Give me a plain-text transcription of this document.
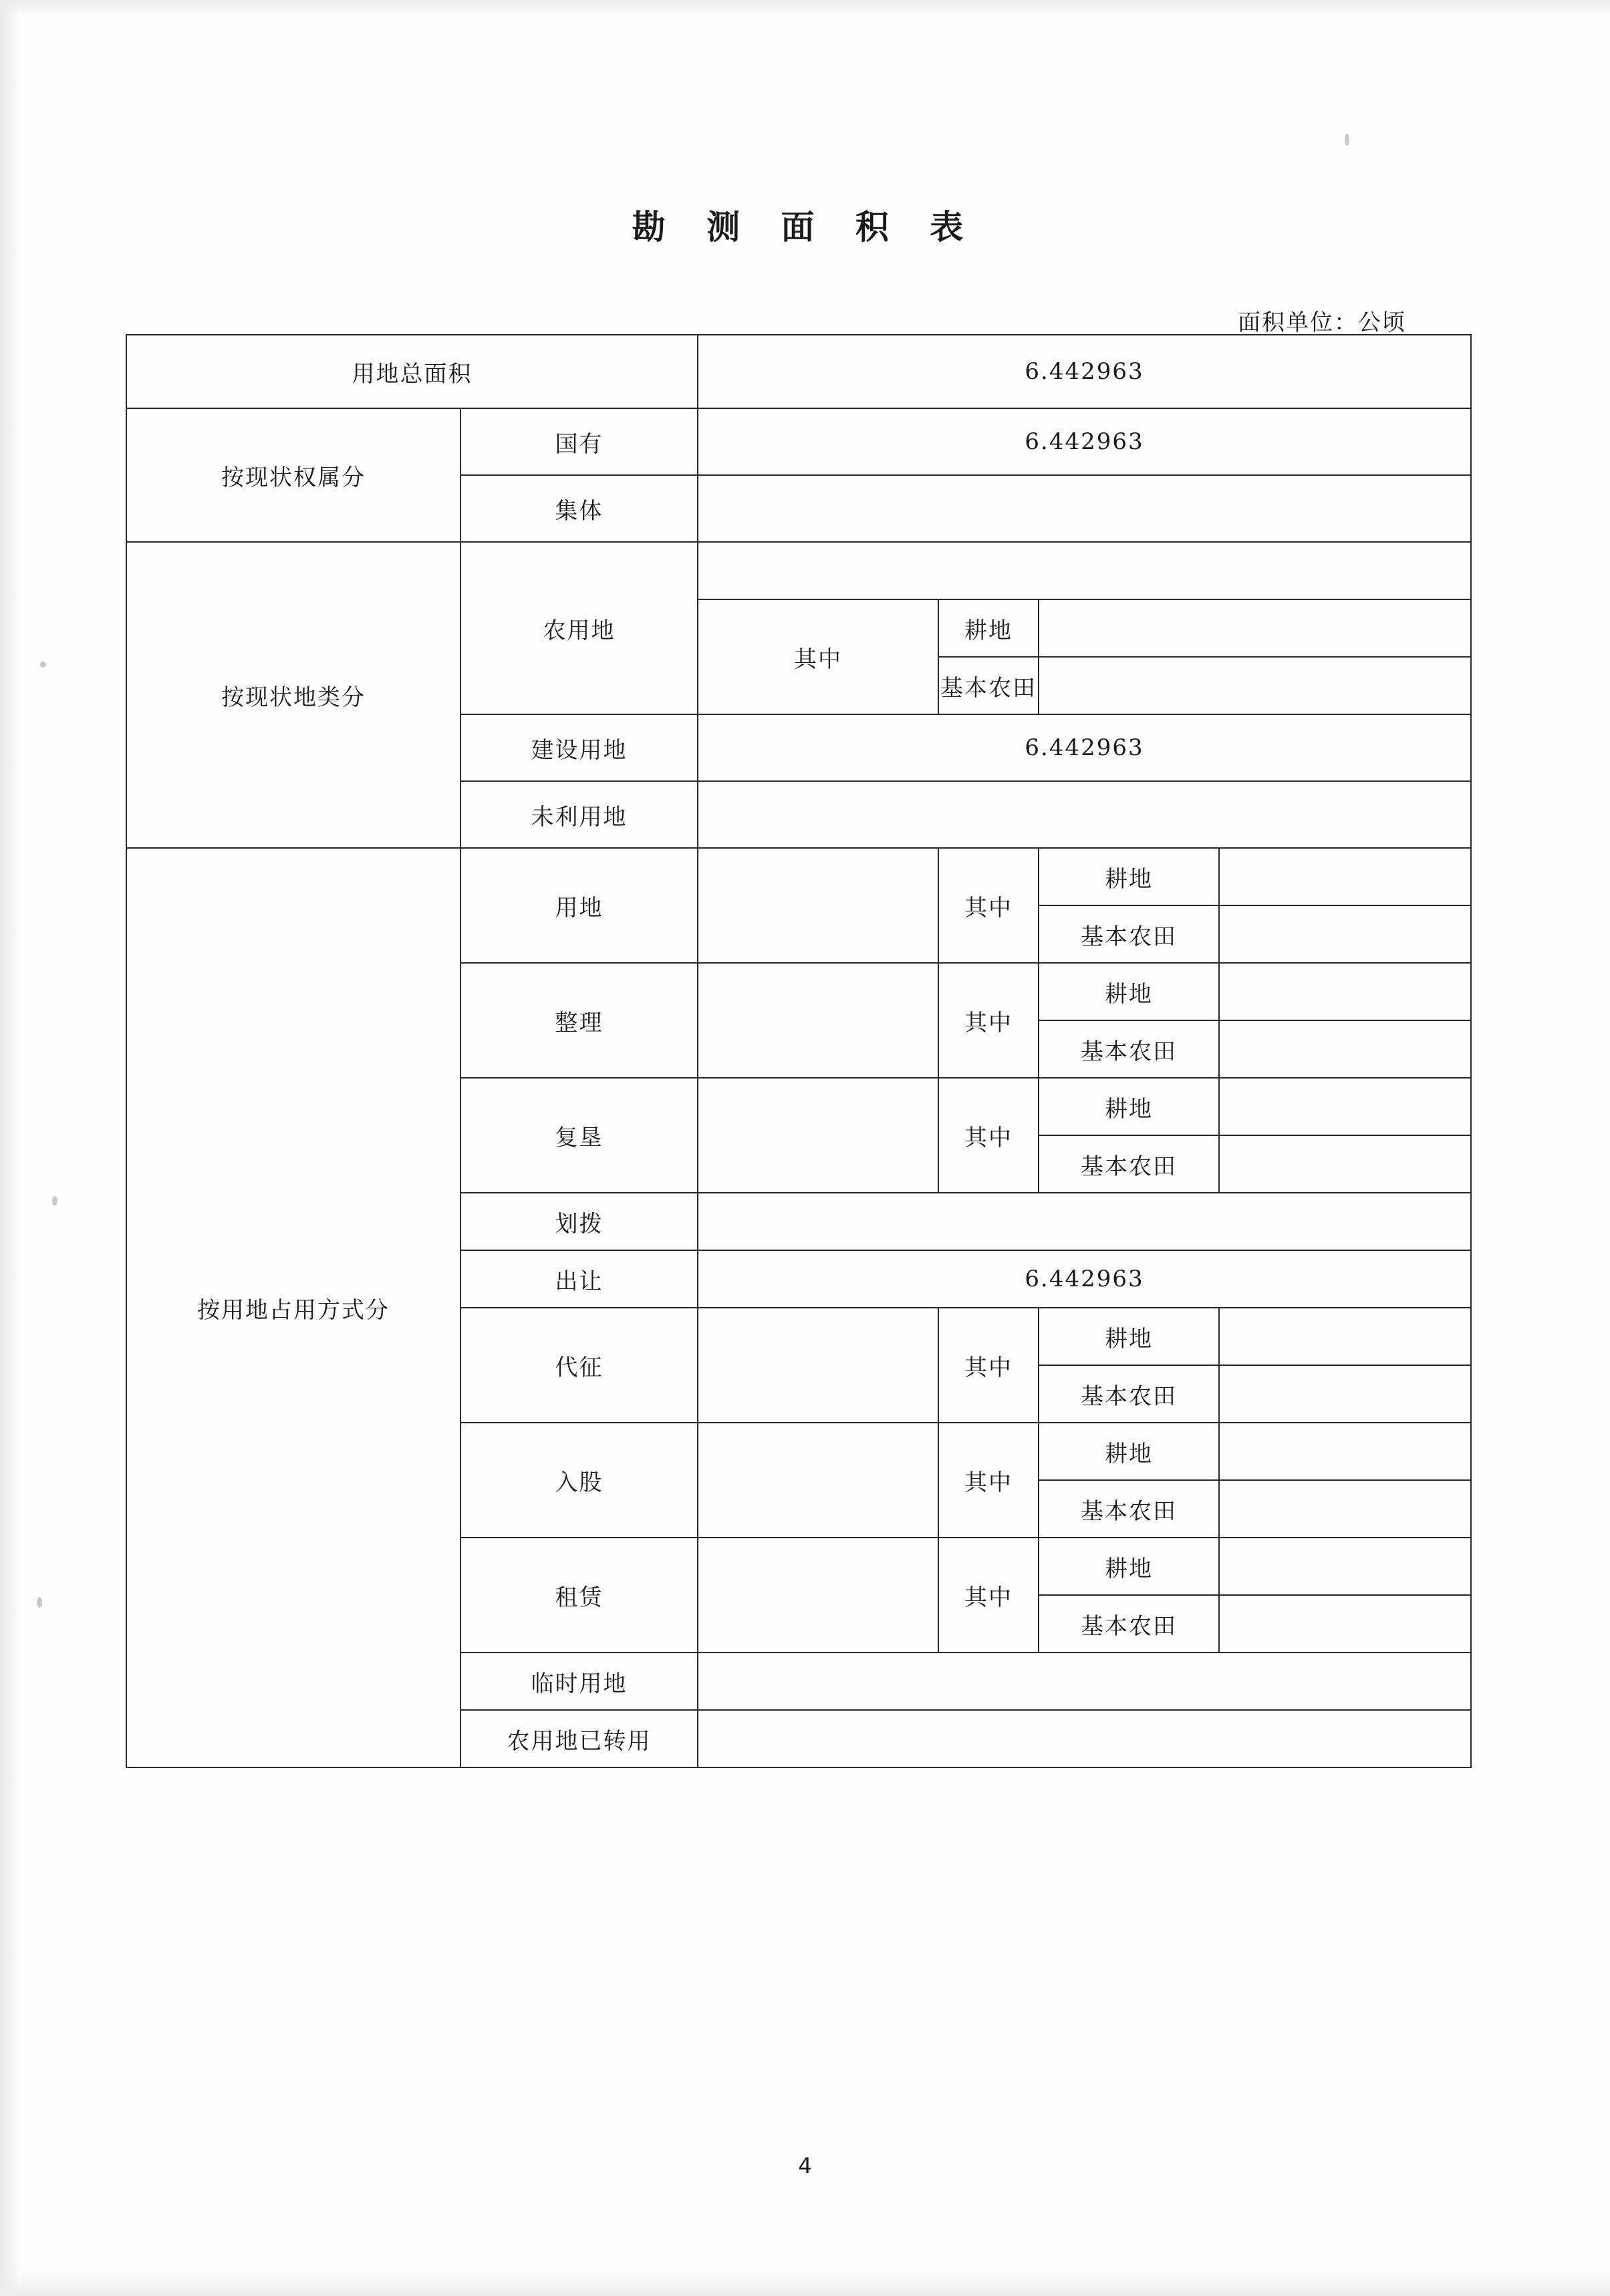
勘 测 面 积 表
面积单位：公顷
用地总面积		6.442963			
按现状权属分	国有	6.442963			
	集体				
按现状地类分	农用地				
		其中	耕地		
			基本农田		
	建设用地	6.442963			
	未利用地				
按用地占用方式分	用地		其中	耕地	
				基本农田	
	整理		其中	耕地	
				基本农田	
	复垦		其中	耕地	
				基本农田	
	划拨				
	出让	6.442963			
	代征		其中	耕地	
				基本农田	
	入股		其中	耕地	
				基本农田	
	租赁		其中	耕地	
				基本农田	
	临时用地				
	农用地已转用				
4
